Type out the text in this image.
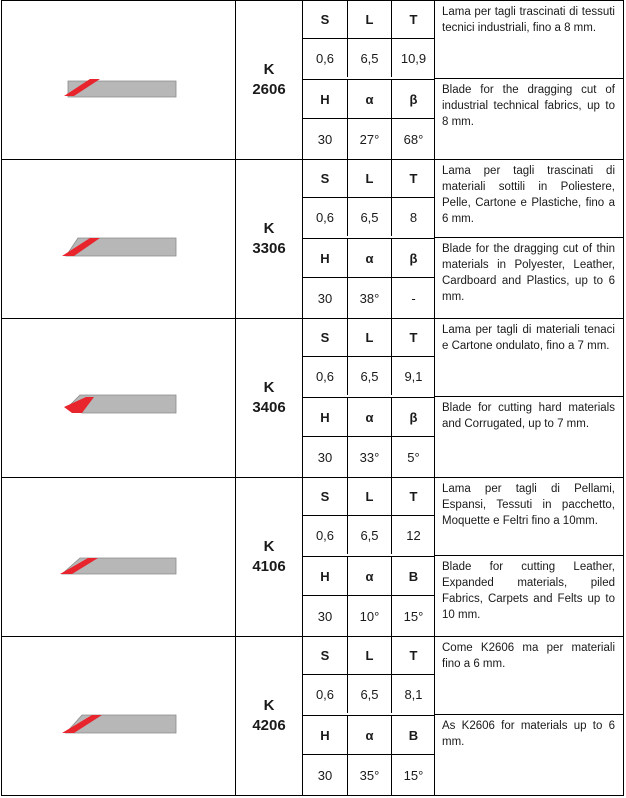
K
2606
S	L	T
0,6	6,5	10,9
H	α	β
30	27°	68°
Lama per tagli trascinati di tessuti tecnici industriali, fino a 8 mm.
Blade for the dragging cut of industrial technical fabrics, up to 8 mm.
K
3306
S	L	T
0,6	6,5	8
H	α	β
30	38°	-
Lama per tagli trascinati di materiali sottili in Poliestere, Pelle, Cartone e Plastiche, fino a 6 mm.
Blade for the dragging cut of thin materials in Polyester, Leather, Cardboard and Plastics, up to 6 mm.
K
3406
S	L	T
0,6	6,5	9,1
H	α	β
30	33°	5°
Lama per tagli di materiali tenaci e Cartone ondulato, fino a 7 mm.
Blade for cutting hard materials and Corrugated, up to 7 mm.
K
4106
S	L	T
0,6	6,5	12
H	α	B
30	10°	15°
Lama per tagli di Pellami, Espansi, Tessuti in pacchetto, Moquette e Feltri fino a 10mm.
Blade for cutting Leather, Expanded materials, piled Fabrics, Carpets and Felts up to 10 mm.
K
4206
S	L	T
0,6	6,5	8,1
H	α	B
30	35°	15°
Come K2606 ma per materiali fino a 6 mm.
As K2606 for materials up to 6 mm.
